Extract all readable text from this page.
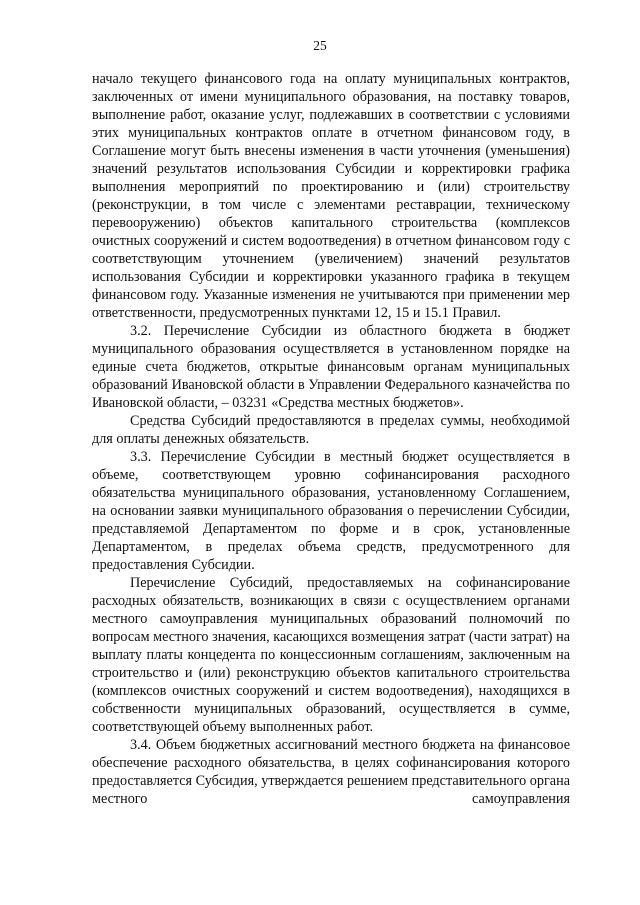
25

начало текущего финансового года на оплату муниципальных контрактов, заключенных от имени муниципального образования, на поставку товаров, выполнение работ, оказание услуг, подлежавших в соответствии с условиями этих муниципальных контрактов оплате в отчетном финансовом году, в Соглашение могут быть внесены изменения в части уточнения (уменьшения) значений результатов использования Субсидии и корректировки графика выполнения мероприятий по проектированию и (или) строительству (реконструкции, в том числе с элементами реставрации, техническому перевооружению) объектов капитального строительства (комплексов очистных сооружений и систем водоотведения) в отчетном финансовом году с соответствующим уточнением (увеличением) значений результатов использования Субсидии и корректировки указанного графика в текущем финансовом году. Указанные изменения не учитываются при применении мер ответственности, предусмотренных пунктами 12, 15 и 15.1 Правил.

3.2. Перечисление Субсидии из областного бюджета в бюджет муниципального образования осуществляется в установленном порядке на единые счета бюджетов, открытые финансовым органам муниципальных образований Ивановской области в Управлении Федерального казначейства по Ивановской области, – 03231 «Средства местных бюджетов».

Средства Субсидий предоставляются в пределах суммы, необходимой для оплаты денежных обязательств.

3.3. Перечисление Субсидии в местный бюджет осуществляется в объеме, соответствующем уровню софинансирования расходного обязательства муниципального образования, установленному Соглашением, на основании заявки муниципального образования о перечислении Субсидии, представляемой Департаментом по форме и в срок, установленные Департаментом, в пределах объема средств, предусмотренного для предоставления Субсидии.

Перечисление Субсидий, предоставляемых на софинансирование расходных обязательств, возникающих в связи с осуществлением органами местного самоуправления муниципальных образований полномочий по вопросам местного значения, касающихся возмещения затрат (части затрат) на выплату платы концедента по концессионным соглашениям, заключенным на строительство и (или) реконструкцию объектов капитального строительства (комплексов очистных сооружений и систем водоотведения), находящихся в собственности муниципальных образований, осуществляется в сумме, соответствующей объему выполненных работ.

3.4. Объем бюджетных ассигнований местного бюджета на финансовое обеспечение расходного обязательства, в целях софинансирования которого предоставляется Субсидия, утверждается решением представительного органа местного самоуправления
